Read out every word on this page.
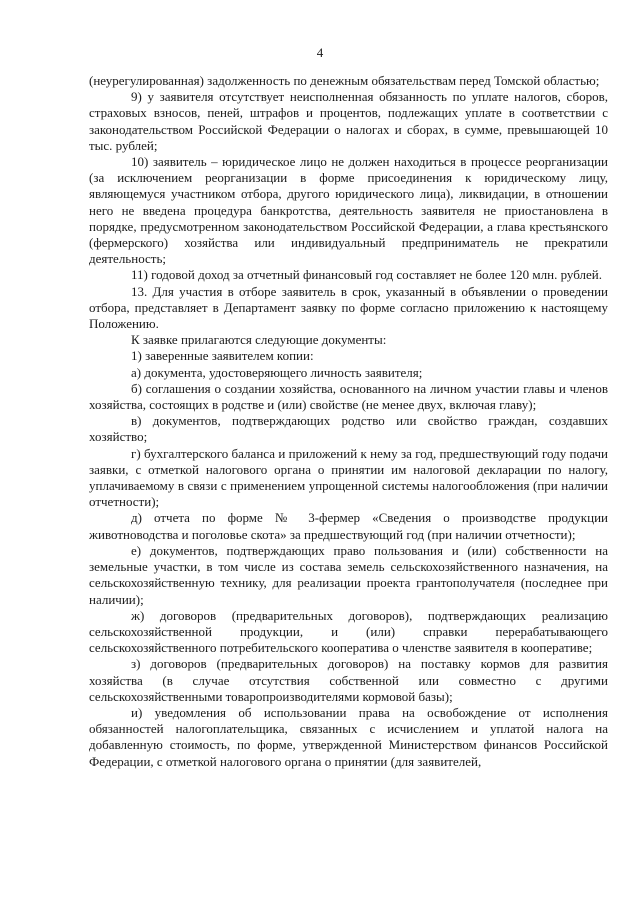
4

(неурегулированная) задолженность по денежным обязательствам перед Томской областью;

9) у заявителя отсутствует неисполненная обязанность по уплате налогов, сборов, страховых взносов, пеней, штрафов и процентов, подлежащих уплате в соответствии с законодательством Российской Федерации о налогах и сборах, в сумме, превышающей 10 тыс. рублей;

10) заявитель – юридическое лицо не должен находиться в процессе реорганизации (за исключением реорганизации в форме присоединения к юридическому лицу, являющемуся участником отбора, другого юридического лица), ликвидации, в отношении него не введена процедура банкротства, деятельность заявителя не приостановлена в порядке, предусмотренном законодательством Российской Федерации, а глава крестьянского (фермерского) хозяйства или индивидуальный предприниматель не прекратили деятельность;

11) годовой доход за отчетный финансовый год составляет не более 120 млн. рублей.

13. Для участия в отборе заявитель в срок, указанный в объявлении о проведении отбора, представляет в Департамент заявку по форме согласно приложению к настоящему Положению.

К заявке прилагаются следующие документы:

1) заверенные заявителем копии:

а) документа, удостоверяющего личность заявителя;

б) соглашения о создании хозяйства, основанного на личном участии главы и членов хозяйства, состоящих в родстве и (или) свойстве (не менее двух, включая главу);

в) документов, подтверждающих родство или свойство граждан, создавших хозяйство;

г) бухгалтерского баланса и приложений к нему за год, предшествующий году подачи заявки, с отметкой налогового органа о принятии им налоговой декларации по налогу, уплачиваемому в связи с применением упрощенной системы налогообложения (при наличии отчетности);

д) отчета по форме № 3-фермер «Сведения о производстве продукции животноводства и поголовье скота» за предшествующий год (при наличии отчетности);

е) документов, подтверждающих право пользования и (или) собственности на земельные участки, в том числе из состава земель сельскохозяйственного назначения, на сельскохозяйственную технику, для реализации проекта грантополучателя (последнее при наличии);

ж) договоров (предварительных договоров), подтверждающих реализацию сельскохозяйственной продукции, и (или) справки перерабатывающего сельскохозяйственного потребительского кооператива о членстве заявителя в кооперативе;

з) договоров (предварительных договоров) на поставку кормов для развития хозяйства (в случае отсутствия собственной или совместно с другими сельскохозяйственными товаропроизводителями кормовой базы);

и) уведомления об использовании права на освобождение от исполнения обязанностей налогоплательщика, связанных с исчислением и уплатой налога на добавленную стоимость, по форме, утвержденной Министерством финансов Российской Федерации, с отметкой налогового органа о принятии (для заявителей,
